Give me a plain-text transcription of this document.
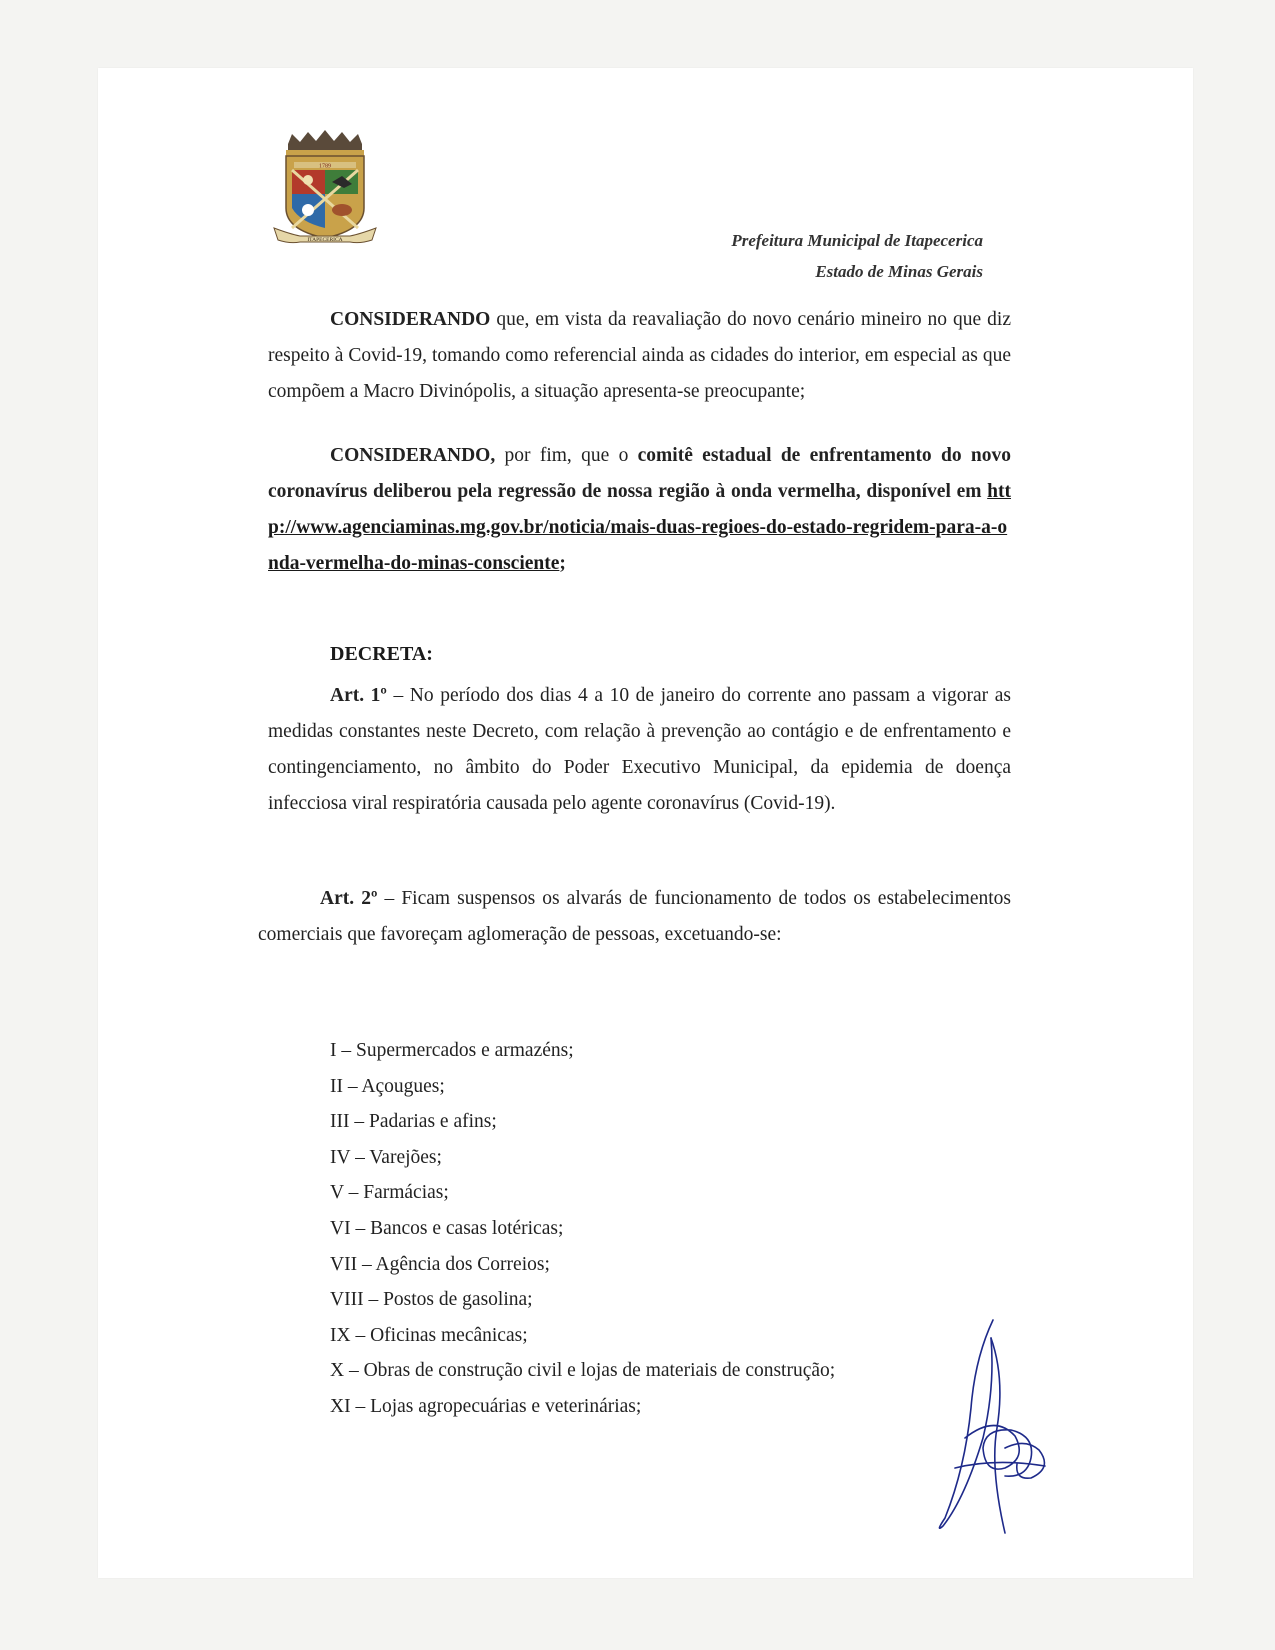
1789
ITAPECERICA	Prefeitura Municipal de Itapecerica
Estado de Minas Gerais
CONSIDERANDO que, em vista da reavaliação do novo cenário mineiro no que diz respeito à Covid-19, tomando como referencial ainda as cidades do interior, em especial as que compõem a Macro Divinópolis, a situação apresenta-se preocupante;
CONSIDERANDO, por fim, que o comitê estadual de enfrentamento do novo coronavírus deliberou pela regressão de nossa região à onda vermelha, disponível em http://www.agenciaminas.mg.gov.br/noticia/mais-duas-regioes-do-estado-regridem-para-a-onda-vermelha-do-minas-consciente;
DECRETA:
Art. 1º – No período dos dias 4 a 10 de janeiro do corrente ano passam a vigorar as medidas constantes neste Decreto, com relação à prevenção ao contágio e de enfrentamento e contingenciamento, no âmbito do Poder Executivo Municipal, da epidemia de doença infecciosa viral respiratória causada pelo agente coronavírus (Covid-19).
Art. 2º – Ficam suspensos os alvarás de funcionamento de todos os estabelecimentos comerciais que favoreçam aglomeração de pessoas, excetuando-se:
I – Supermercados e armazéns;
II – Açougues;
III – Padarias e afins;
IV – Varejões;
V – Farmácias;
VI – Bancos e casas lotéricas;
VII – Agência dos Correios;
VIII – Postos de gasolina;
IX – Oficinas mecânicas;
X – Obras de construção civil e lojas de materiais de construção;
XI – Lojas agropecuárias e veterinárias;
